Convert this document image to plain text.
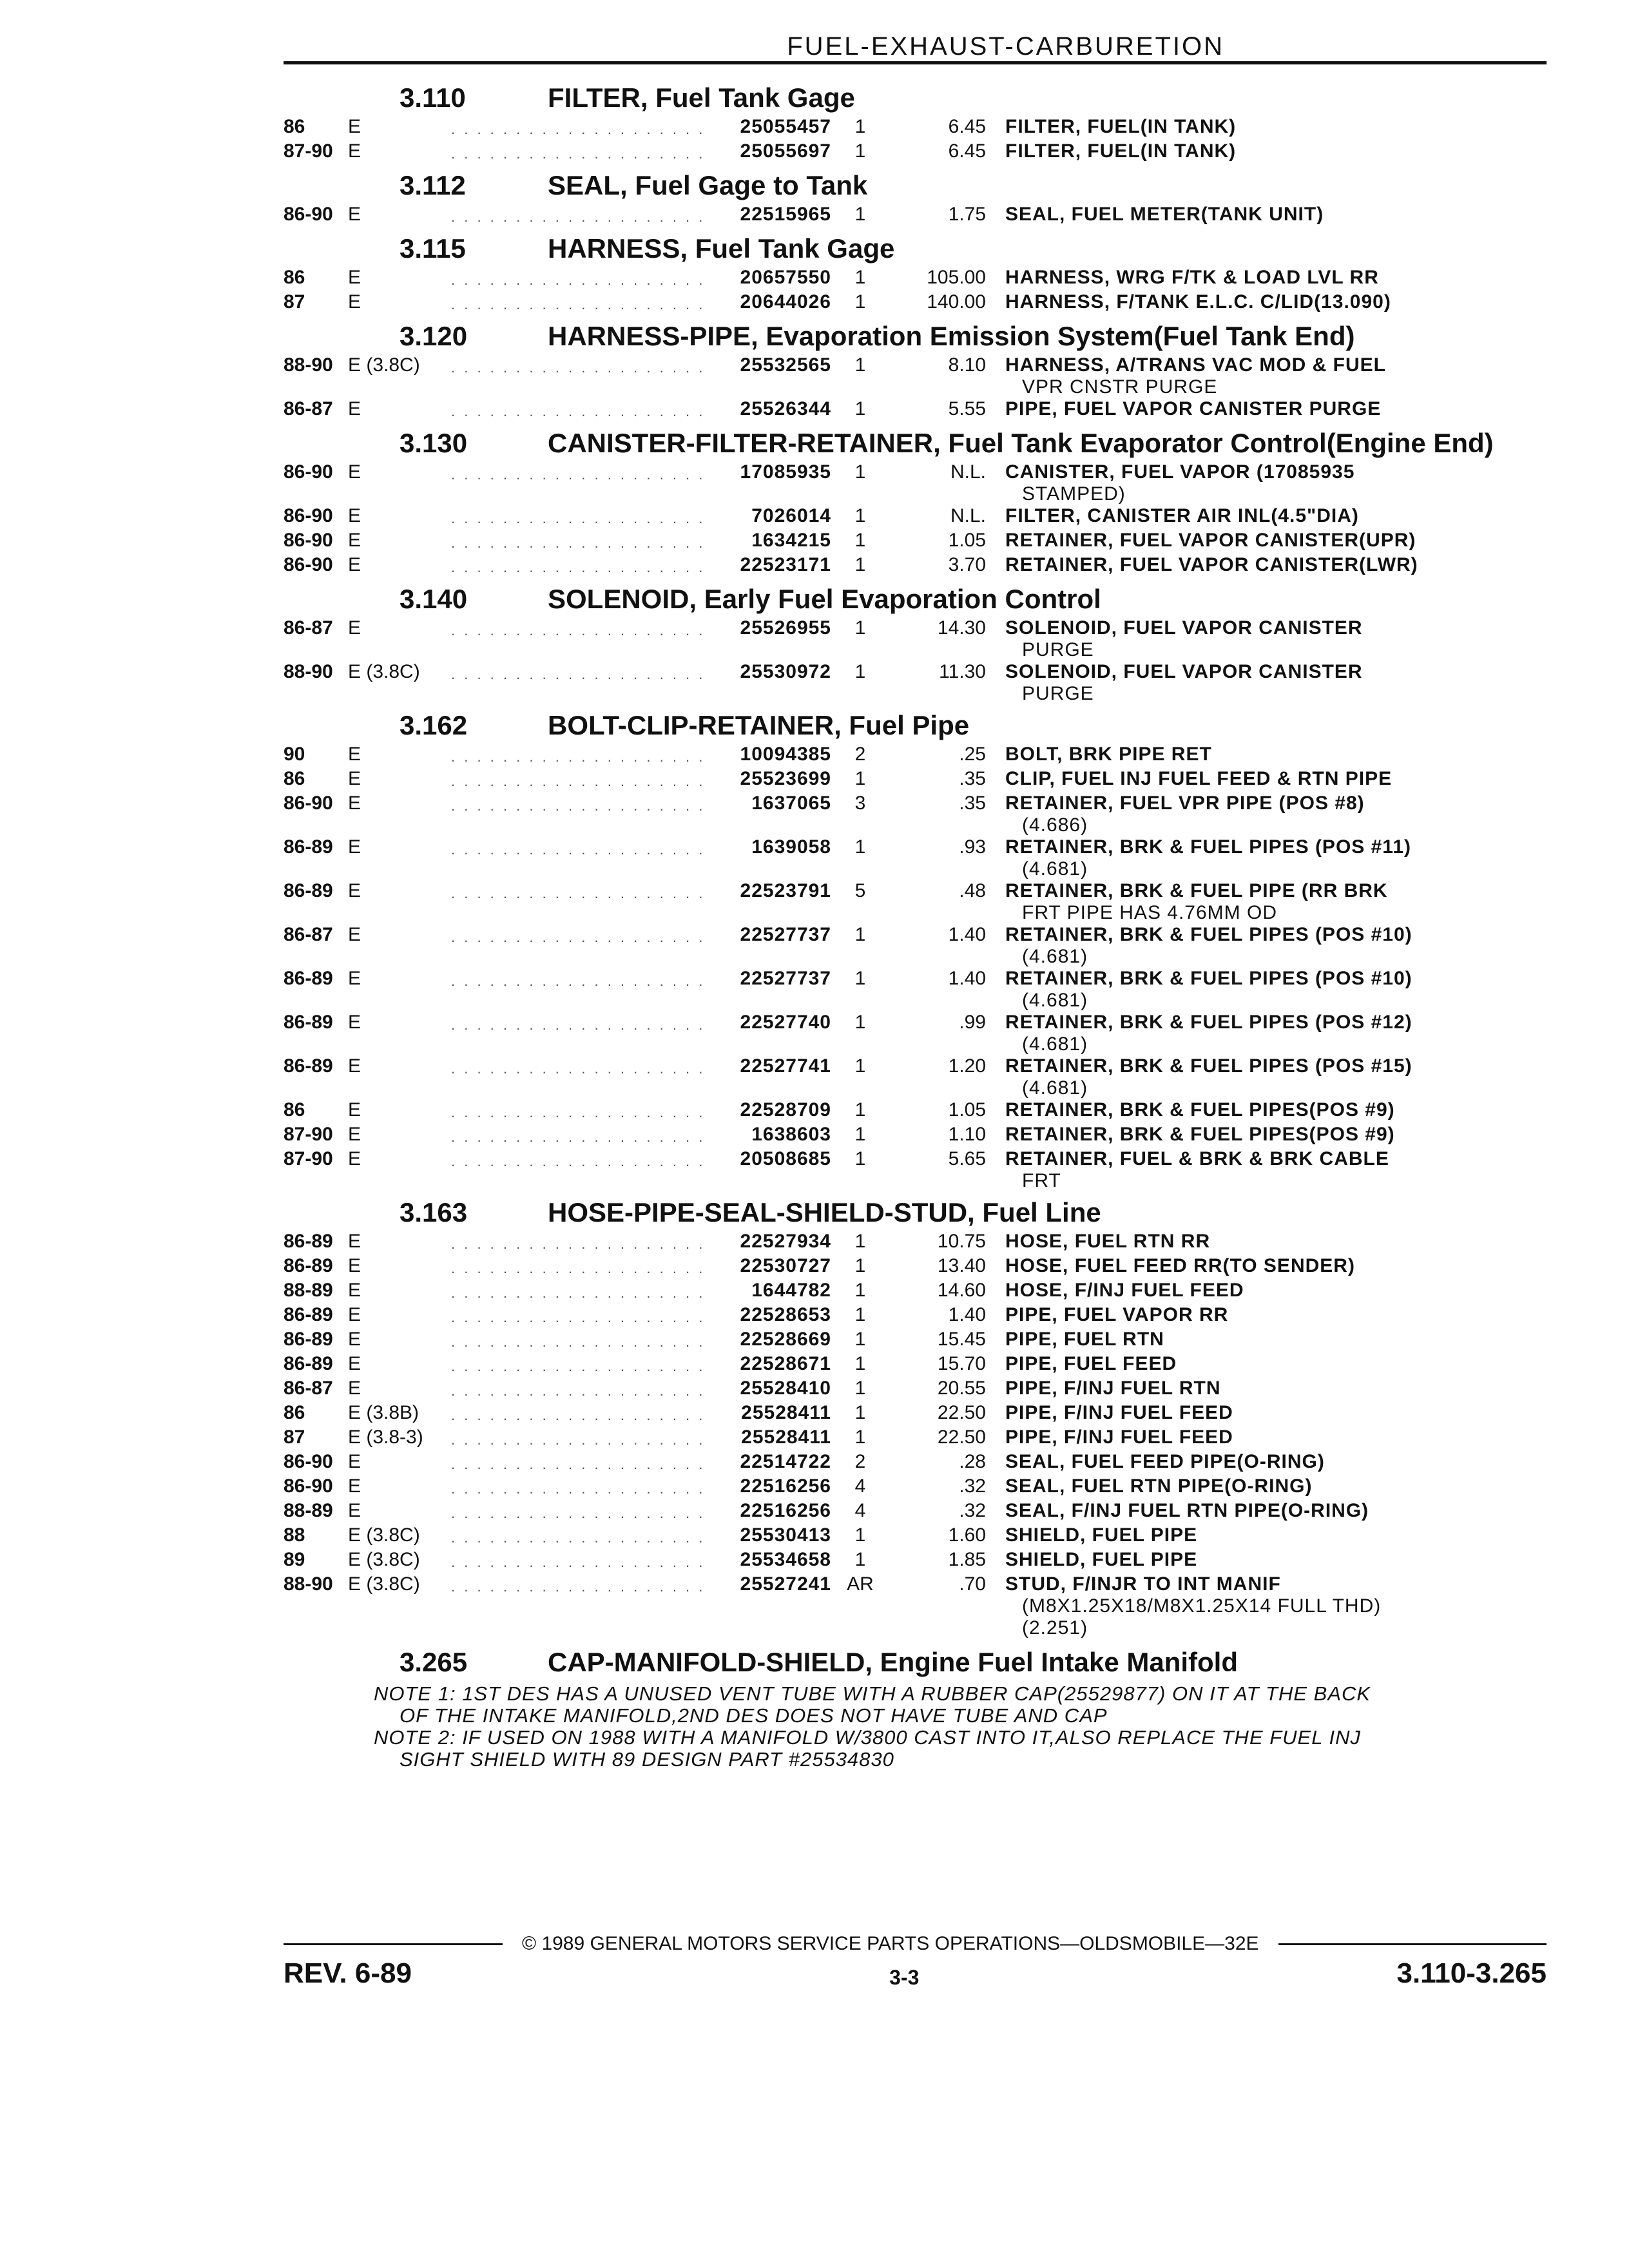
FUEL-EXHAUST-CARBURETION
3.110	FILTER, Fuel Tank Gage
86	E . . .	25055457	1	6.45	FILTER, FUEL(IN TANK)
87-90 E . . .	25055697	1	6.45	FILTER, FUEL(IN TANK)
3.112	SEAL, Fuel Gage to Tank
86-90 E . . .	22515965	1	1.75	SEAL, FUEL METER(TANK UNIT)
3.115	HARNESS, Fuel Tank Gage
86	E . . .	20657550	1	105.00	HARNESS, WRG F/TK & LOAD LVL RR
87	E . . .	20644026	1	140.00	HARNESS, F/TANK E.L.C. C/LID(13.090)
3.120	HARNESS-PIPE, Evaporation Emission System(Fuel Tank End)
88-90 E (3.8C) . . .	25532565	1	8.10	HARNESS, A/TRANS VAC MOD & FUEL
VPR CNSTR PURGE
86-87 E . . .	25526344	1	5.55	PIPE, FUEL VAPOR CANISTER PURGE
3.130	CANISTER-FILTER-RETAINER, Fuel Tank Evaporator Control(Engine End)
86-90 E . . .	17085935	1	N.L.	CANISTER, FUEL VAPOR (17085935
STAMPED)
86-90 E . . .	7026014	1	N.L.	FILTER, CANISTER AIR INL(4.5"DIA)
86-90 E . . .	1634215	1	1.05	RETAINER, FUEL VAPOR CANISTER(UPR)
86-90 E . . .	22523171	1	3.70	RETAINER, FUEL VAPOR CANISTER(LWR)
3.140	SOLENOID, Early Fuel Evaporation Control
86-87 E . . .	25526955	1	14.30	SOLENOID, FUEL VAPOR CANISTER
PURGE
88-90 E (3.8C) . . .	25530972	1	11.30	SOLENOID, FUEL VAPOR CANISTER
PURGE
3.162	BOLT-CLIP-RETAINER, Fuel Pipe
90	E . . .	10094385	2	.25	BOLT, BRK PIPE RET
86	E . . .	25523699	1	.35	CLIP, FUEL INJ FUEL FEED & RTN PIPE
86-90 E . . .	1637065	3	.35	RETAINER, FUEL VPR PIPE (POS #8)
(4.686)
86-89 E . . .	1639058	1	.93	RETAINER, BRK & FUEL PIPES (POS #11)
(4.681)
86-89 E . . .	22523791	5	.48	RETAINER, BRK & FUEL PIPE (RR BRK
FRT PIPE HAS 4.76MM OD
86-87 E . . .	22527737	1	1.40	RETAINER, BRK & FUEL PIPES (POS #10)
(4.681)
86-89 E . . .	22527737	1	1.40	RETAINER, BRK & FUEL PIPES (POS #10)
(4.681)
86-89 E . . .	22527740	1	.99	RETAINER, BRK & FUEL PIPES (POS #12)
(4.681)
86-89 E . . .	22527741	1	1.20	RETAINER, BRK & FUEL PIPES (POS #15)
(4.681)
86	E . . .	22528709	1	1.05	RETAINER, BRK & FUEL PIPES(POS #9)
87-90 E . . .	1638603	1	1.10	RETAINER, BRK & FUEL PIPES(POS #9)
87-90 E . . .	20508685	1	5.65	RETAINER, FUEL & BRK & BRK CABLE
FRT
3.163	HOSE-PIPE-SEAL-SHIELD-STUD, Fuel Line
86-89 E . . .	22527934	1	10.75	HOSE, FUEL RTN RR
86-89 E . . .	22530727	1	13.40	HOSE, FUEL FEED RR(TO SENDER)
88-89 E . . .	1644782	1	14.60	HOSE, F/INJ FUEL FEED
86-89 E . . .	22528653	1	1.40	PIPE, FUEL VAPOR RR
86-89 E . . .	22528669	1	15.45	PIPE, FUEL RTN
86-89 E . . .	22528671	1	15.70	PIPE, FUEL FEED
86-87 E . . .	25528410	1	20.55	PIPE, F/INJ FUEL RTN
86	E (3.8B) . . .	25528411	1	22.50	PIPE, F/INJ FUEL FEED
87	E (3.8-3) . . .	25528411	1	22.50	PIPE, F/INJ FUEL FEED
86-90 E . . .	22514722	2	.28	SEAL, FUEL FEED PIPE(O-RING)
86-90 E . . .	22516256	4	.32	SEAL, FUEL RTN PIPE(O-RING)
88-89 E . . .	22516256	4	.32	SEAL, F/INJ FUEL RTN PIPE(O-RING)
88	E (3.8C) . . .	25530413	1	1.60	SHIELD, FUEL PIPE
89	E (3.8C) . . .	25534658	1	1.85	SHIELD, FUEL PIPE
88-90 E (3.8C) . . .	25527241 AR	.70	STUD, F/INJR TO INT MANIF
(M8X1.25X18/M8X1.25X14 FULL THD)
(2.251)
3.265	CAP-MANIFOLD-SHIELD, Engine Fuel Intake Manifold
NOTE 1: 1ST DES HAS A UNUSED VENT TUBE WITH A RUBBER CAP(25529877) ON IT AT THE BACK
OF THE INTAKE MANIFOLD,2ND DES DOES NOT HAVE TUBE AND CAP
NOTE 2: IF USED ON 1988 WITH A MANIFOLD W/3800 CAST INTO IT,ALSO REPLACE THE FUEL INJ
SIGHT SHIELD WITH 89 DESIGN PART #25534830
© 1989 GENERAL MOTORS SERVICE PARTS OPERATIONS—OLDSMOBILE—32E
REV. 6-89	3-3	3.110-3.265
